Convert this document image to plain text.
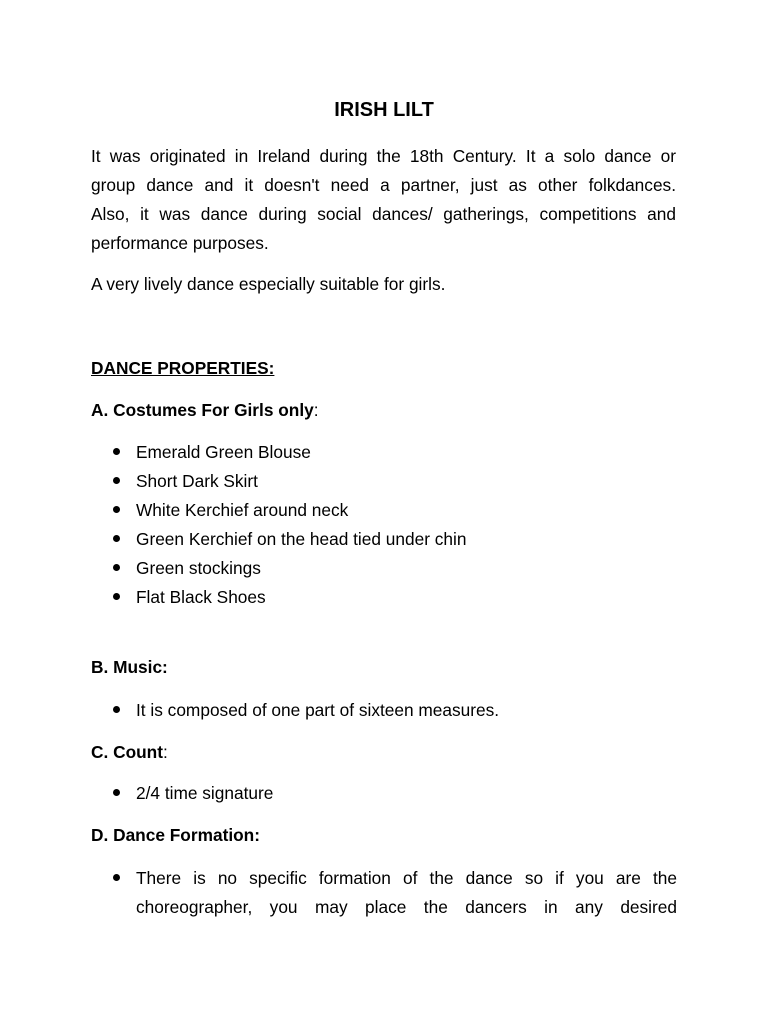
IRISH LILT

It was originated in Ireland during the 18th Century. It a solo dance or
group dance and it doesn't need a partner, just as other folkdances.
Also, it was dance during social dances/ gatherings, competitions and
performance purposes.

A very lively dance especially suitable for girls.

DANCE PROPERTIES:

A. Costumes For Girls only:

Emerald Green Blouse
Short Dark Skirt
White Kerchief around neck
Green Kerchief on the head tied under chin
Green stockings
Flat Black Shoes

B. Music:

It is composed of one part of sixteen measures.

C. Count:

2/4 time signature

D. Dance Formation:

There is no specific formation of the dance so if you are the
choreographer, you may place the dancers in any desired
